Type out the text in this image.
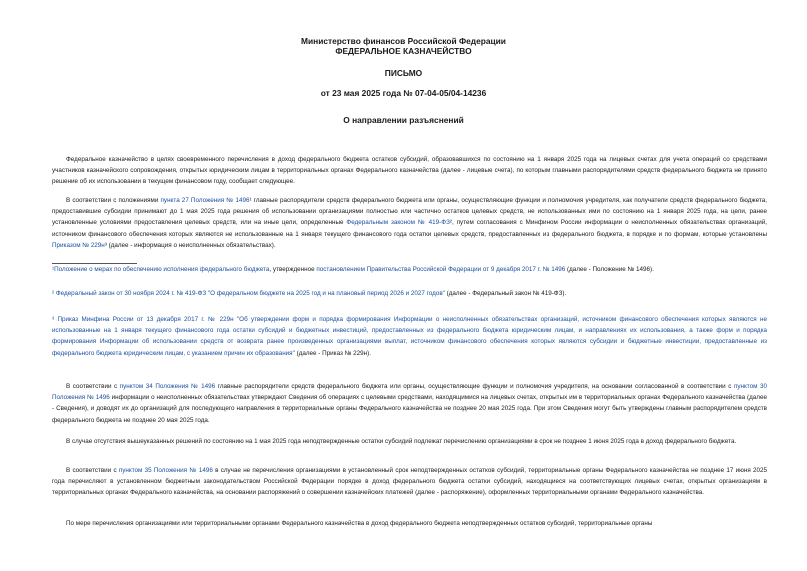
Министерство финансов Российской Федерации
ФЕДЕРАЛЬНОЕ КАЗНАЧЕЙСТВО
ПИСЬМО
от 23 мая 2025 года № 07-04-05/04-14236
О направлении разъяснений

Федеральное казначейство в целях своевременного перечисления в доход федерального бюджета остатков субсидий, образовавшихся по состоянию на 1 января 2025 года на лицевых счетах для учета операций со средствами участников казначейского сопровождения, открытых юридическим лицам в территориальных органах Федерального казначейства (далее - лицевые счета), по которым главными распорядителями средств федерального бюджета не принято решение об их использовании в текущем финансовом году, сообщает следующее.

В соответствии с положениями пункта 27 Положения № 1496¹ главные распорядители средств федерального бюджета или органы, осуществляющие функции и полномочия учредителя, как получатели средств федерального бюджета, предоставившие субсидии принимают до 1 мая 2025 года решения об использовании организациями полностью или частично остатков целевых средств, не использованных ими по состоянию на 1 января 2025 года, на цели, ранее установленные условиями предоставления целевых средств, или на иные цели, определенные Федеральным законом № 419-ФЗ², путем согласования с Минфином России информации о неисполненных обязательствах организаций, источником финансового обеспечения которых являются не использованные на 1 января текущего финансового года остатки целевых средств, предоставленных из федерального бюджета, в порядке и по формам, которые установлены Приказом № 229н³ (далее - информация о неисполненных обязательствах).

¹Положение о мерах по обеспечению исполнения федерального бюджета, утвержденное постановлением Правительства Российской Федерации от 9 декабря 2017 г. № 1496 (далее - Положение № 1496).

² Федеральный закон от 30 ноября 2024 г. № 419-ФЗ "О федеральном бюджете на 2025 год и на плановый период 2026 и 2027 годов" (далее - Федеральный закон № 419-ФЗ).

³ Приказ Минфина России от 13 декабря 2017 г. № 229н "Об утверждении форм и порядка формирования Информации о неисполненных обязательствах организаций, источником финансового обеспечения которых являются не использованные на 1 января текущего финансового года остатки субсидий и бюджетных инвестиций, предоставленных из федерального бюджета юридическим лицам, и направлениях их использования, а также форм и порядка формирования Информации об использовании средств от возврата ранее произведенных организациями выплат, источником финансового обеспечения которых являются субсидии и бюджетные инвестиции, предоставленные из федерального бюджета юридическим лицам, с указанием причин их образования" (далее - Приказ № 229н).

В соответствии с пунктом 34 Положения № 1496 главные распорядители средств федерального бюджета или органы, осуществляющие функции и полномочия учредителя, на основании согласованной в соответствии с пунктом 30 Положения № 1496 информации о неисполненных обязательствах утверждают Сведения об операциях с целевыми средствами, находящимися на лицевых счетах, открытых им в территориальных органах Федерального казначейства (далее - Сведения), и доводят их до организаций для последующего направления в территориальные органы Федерального казначейства не позднее 20 мая 2025 года. При этом Сведения могут быть утверждены главным распорядителем средств федерального бюджета не позднее 20 мая 2025 года.

В случае отсутствия вышеуказанных решений по состоянию на 1 мая 2025 года неподтвержденные остатки субсидий подлежат перечислению организациями в срок не позднее 1 июня 2025 года в доход федерального бюджета.

В соответствии с пунктом 35 Положения № 1496 в случае не перечисления организациями в установленный срок неподтвержденных остатков субсидий, территориальные органы Федерального казначейства не позднее 17 июня 2025 года перечисляют в установленном бюджетным законодательством Российской Федерации порядке в доход федерального бюджета остатки субсидий, находящиеся на соответствующих лицевых счетах, открытых организациям в территориальных органах Федерального казначейства, на основании распоряжений о совершении казначейских платежей (далее - распоряжение), оформленных территориальными органами Федерального казначейства.

По мере перечисления организациями или территориальными органами Федерального казначейства в доход федерального бюджета неподтвержденных остатков субсидий, территориальные органы
